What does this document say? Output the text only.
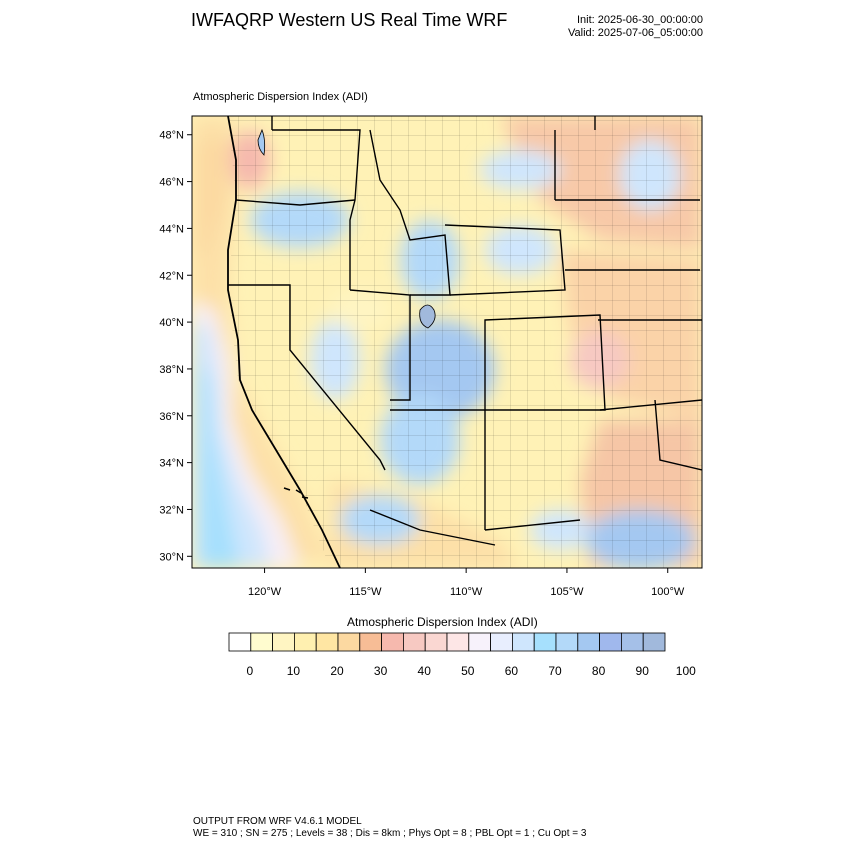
IWFAQRP Western US Real Time WRF	Init: 2025-06-30_00:00:00
Valid: 2025-07-06_05:00:00
Atmospheric Dispersion Index (ADI)
48°N
46°N
44°N
42°N
40°N
38°N
36°N
34°N
32°N
30°N
120°W	115°W	110°W	105°W	100°W
0	10	20	30	40	50	60	70	80	90 100
Atmospheric Dispersion Index (ADI)
OUTPUT FROM WRF V4.6.1 MODEL
WE = 310 ; SN = 275 ; Levels = 38 ; Dis = 8km ; Phys Opt = 8 ; PBL Opt = 1 ; Cu Opt = 3
